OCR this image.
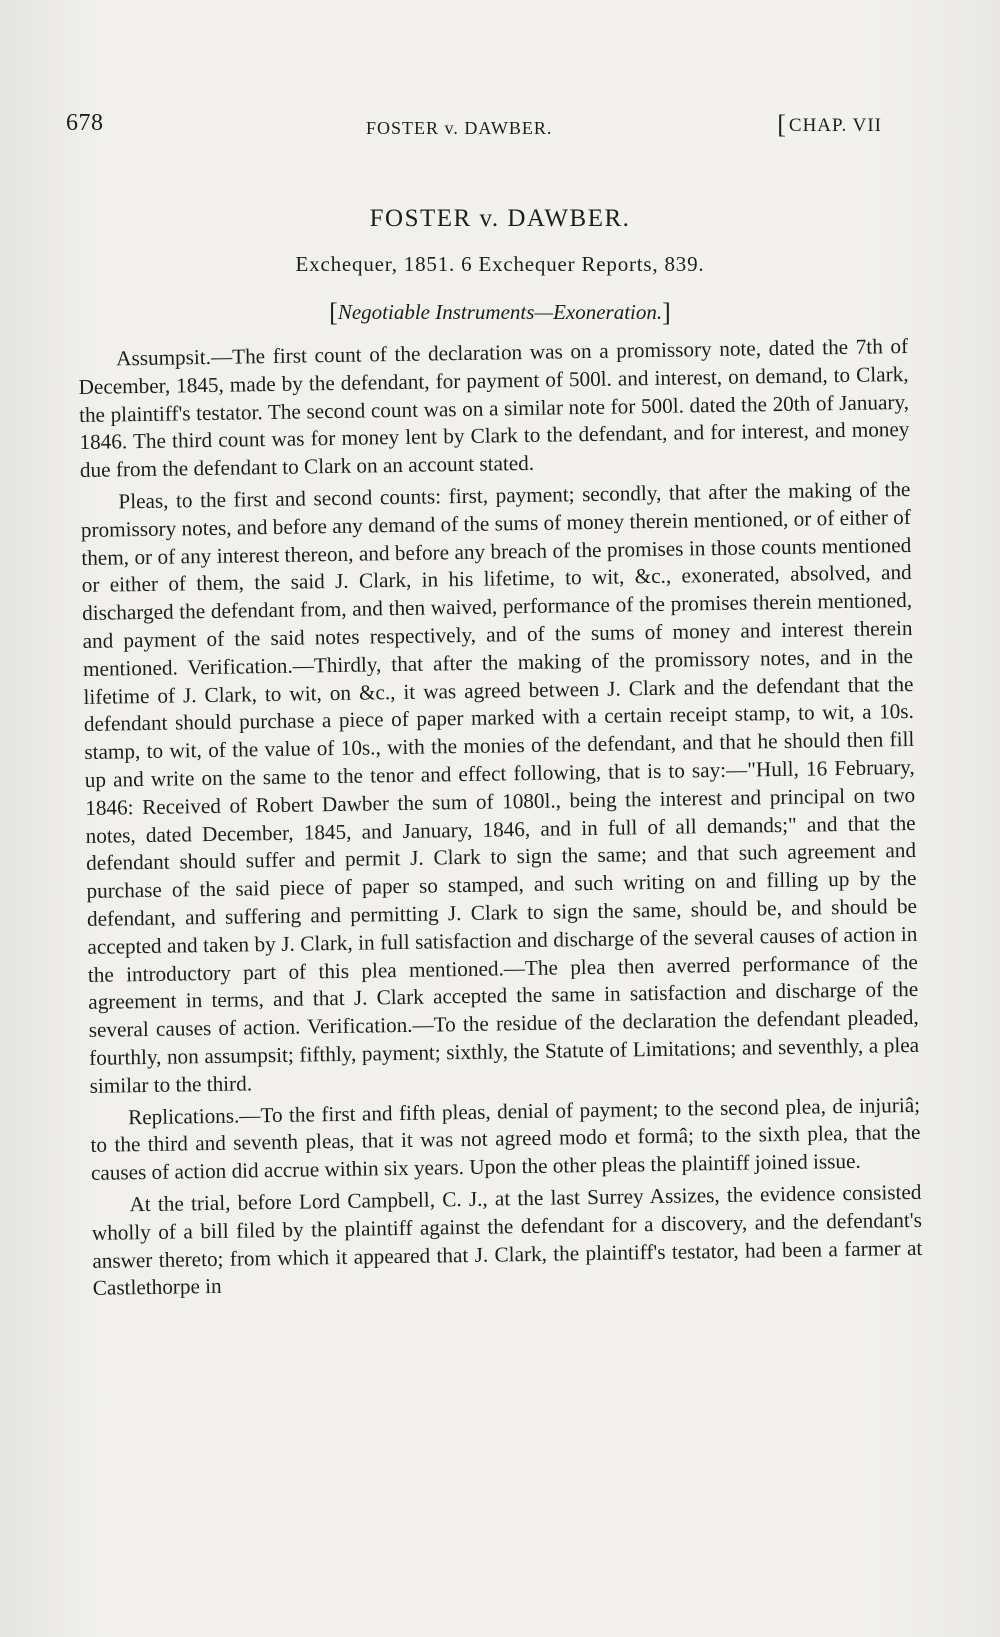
678	FOSTER v. DAWBER.	[ CHAP. VII
FOSTER v. DAWBER.
Exchequer, 1851. 6 Exchequer Reports, 839.
[Negotiable Instruments—Exoneration.]

Assumpsit.—The first count of the declaration was on a promissory note, dated the 7th of December, 1845, made by the defendant, for payment of 500l. and interest, on demand, to Clark, the plaintiff's testator. The second count was on a similar note for 500l. dated the 20th of January, 1846. The third count was for money lent by Clark to the defendant, and for interest, and money due from the defendant to Clark on an account stated.

Pleas, to the first and second counts: first, payment; secondly, that after the making of the promissory notes, and before any demand of the sums of money therein mentioned, or of either of them, or of any interest thereon, and before any breach of the promises in those counts mentioned or either of them, the said J. Clark, in his lifetime, to wit, &c., exonerated, absolved, and discharged the defendant from, and then waived, performance of the promises therein mentioned, and payment of the said notes respectively, and of the sums of money and interest therein mentioned. Verification.—Thirdly, that after the making of the promissory notes, and in the lifetime of J. Clark, to wit, on &c., it was agreed between J. Clark and the defendant that the defendant should purchase a piece of paper marked with a certain receipt stamp, to wit, a 10s. stamp, to wit, of the value of 10s., with the monies of the defendant, and that he should then fill up and write on the same to the tenor and effect following, that is to say:—"Hull, 16 February, 1846: Received of Robert Dawber the sum of 1080l., being the interest and principal on two notes, dated December, 1845, and January, 1846, and in full of all demands;" and that the defendant should suffer and permit J. Clark to sign the same; and that such agreement and purchase of the said piece of paper so stamped, and such writing on and filling up by the defendant, and suffering and permitting J. Clark to sign the same, should be, and should be accepted and taken by J. Clark, in full satisfaction and discharge of the several causes of action in the introductory part of this plea mentioned.—The plea then averred performance of the agreement in terms, and that J. Clark accepted the same in satisfaction and discharge of the several causes of action. Verification.—To the residue of the declaration the defendant pleaded, fourthly, non assumpsit; fifthly, payment; sixthly, the Statute of Limitations; and seventhly, a plea similar to the third.

Replications.—To the first and fifth pleas, denial of payment; to the second plea, de injuriâ; to the third and seventh pleas, that it was not agreed modo et formâ; to the sixth plea, that the causes of action did accrue within six years. Upon the other pleas the plaintiff joined issue.

At the trial, before Lord Campbell, C. J., at the last Surrey Assizes, the evidence consisted wholly of a bill filed by the plaintiff against the defendant for a discovery, and the defendant's answer thereto; from which it appeared that J. Clark, the plaintiff's testator, had been a farmer at Castlethorpe in
